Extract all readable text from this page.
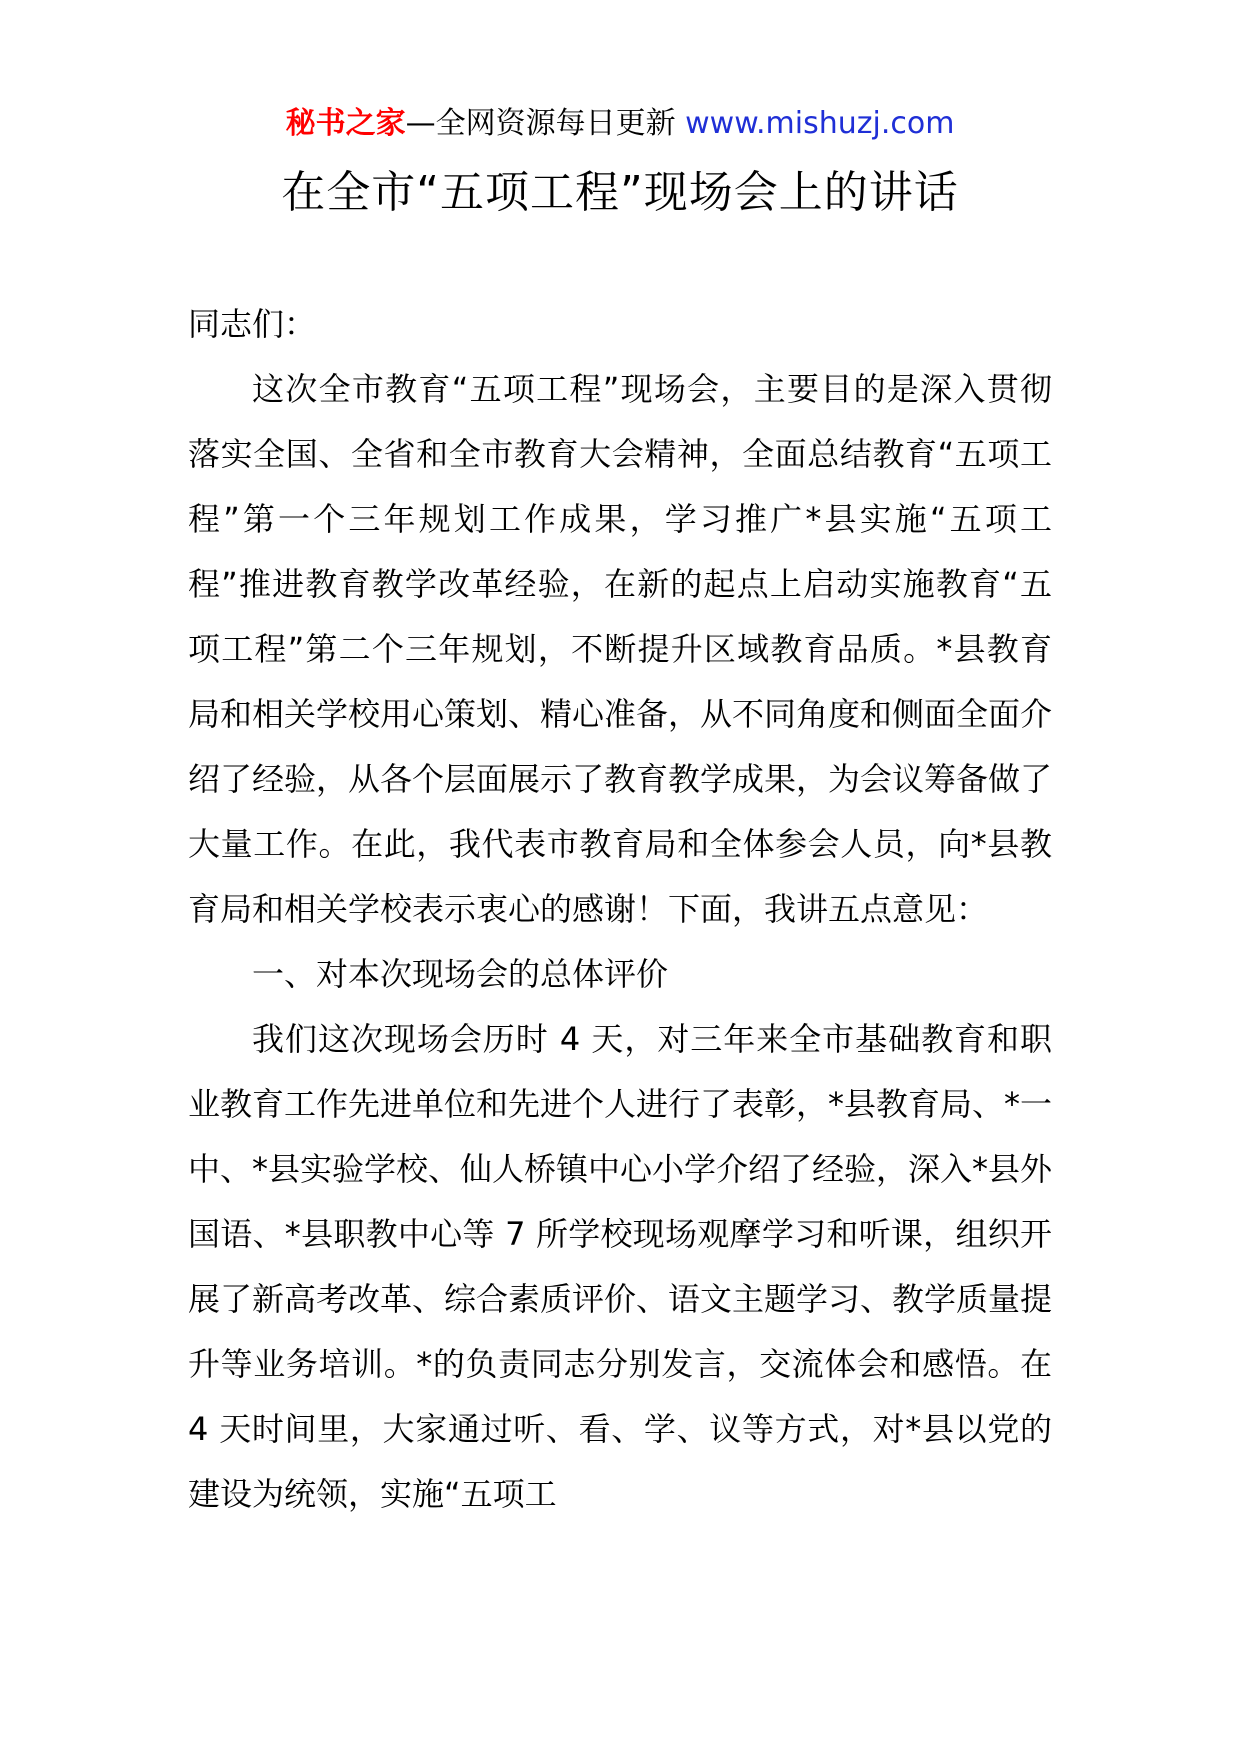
秘书之家—全网资源每日更新 www.mishuzj.com
在全市“五项工程”现场会上的讲话

同志们：

这次全市教育“五项工程”现场会，主要目的是深入贯彻落实全国、全省和全市教育大会精神，全面总结教育“五项工程”第一个三年规划工作成果，学习推广*县实施“五项工程”推进教育教学改革经验，在新的起点上启动实施教育“五项工程”第二个三年规划，不断提升区域教育品质。*县教育局和相关学校用心策划、精心准备，从不同角度和侧面全面介绍了经验，从各个层面展示了教育教学成果，为会议筹备做了大量工作。在此，我代表市教育局和全体参会人员，向*县教育局和相关学校表示衷心的感谢！下面，我讲五点意见：

一、对本次现场会的总体评价

我们这次现场会历时 4 天，对三年来全市基础教育和职业教育工作先进单位和先进个人进行了表彰，*县教育局、*一中、*县实验学校、仙人桥镇中心小学介绍了经验，深入*县外国语、*县职教中心等 7 所学校现场观摩学习和听课，组织开展了新高考改革、综合素质评价、语文主题学习、教学质量提升等业务培训。*的负责同志分别发言，交流体会和感悟。在 4 天时间里，大家通过听、看、学、议等方式，对*县以党的建设为统领，实施“五项工
